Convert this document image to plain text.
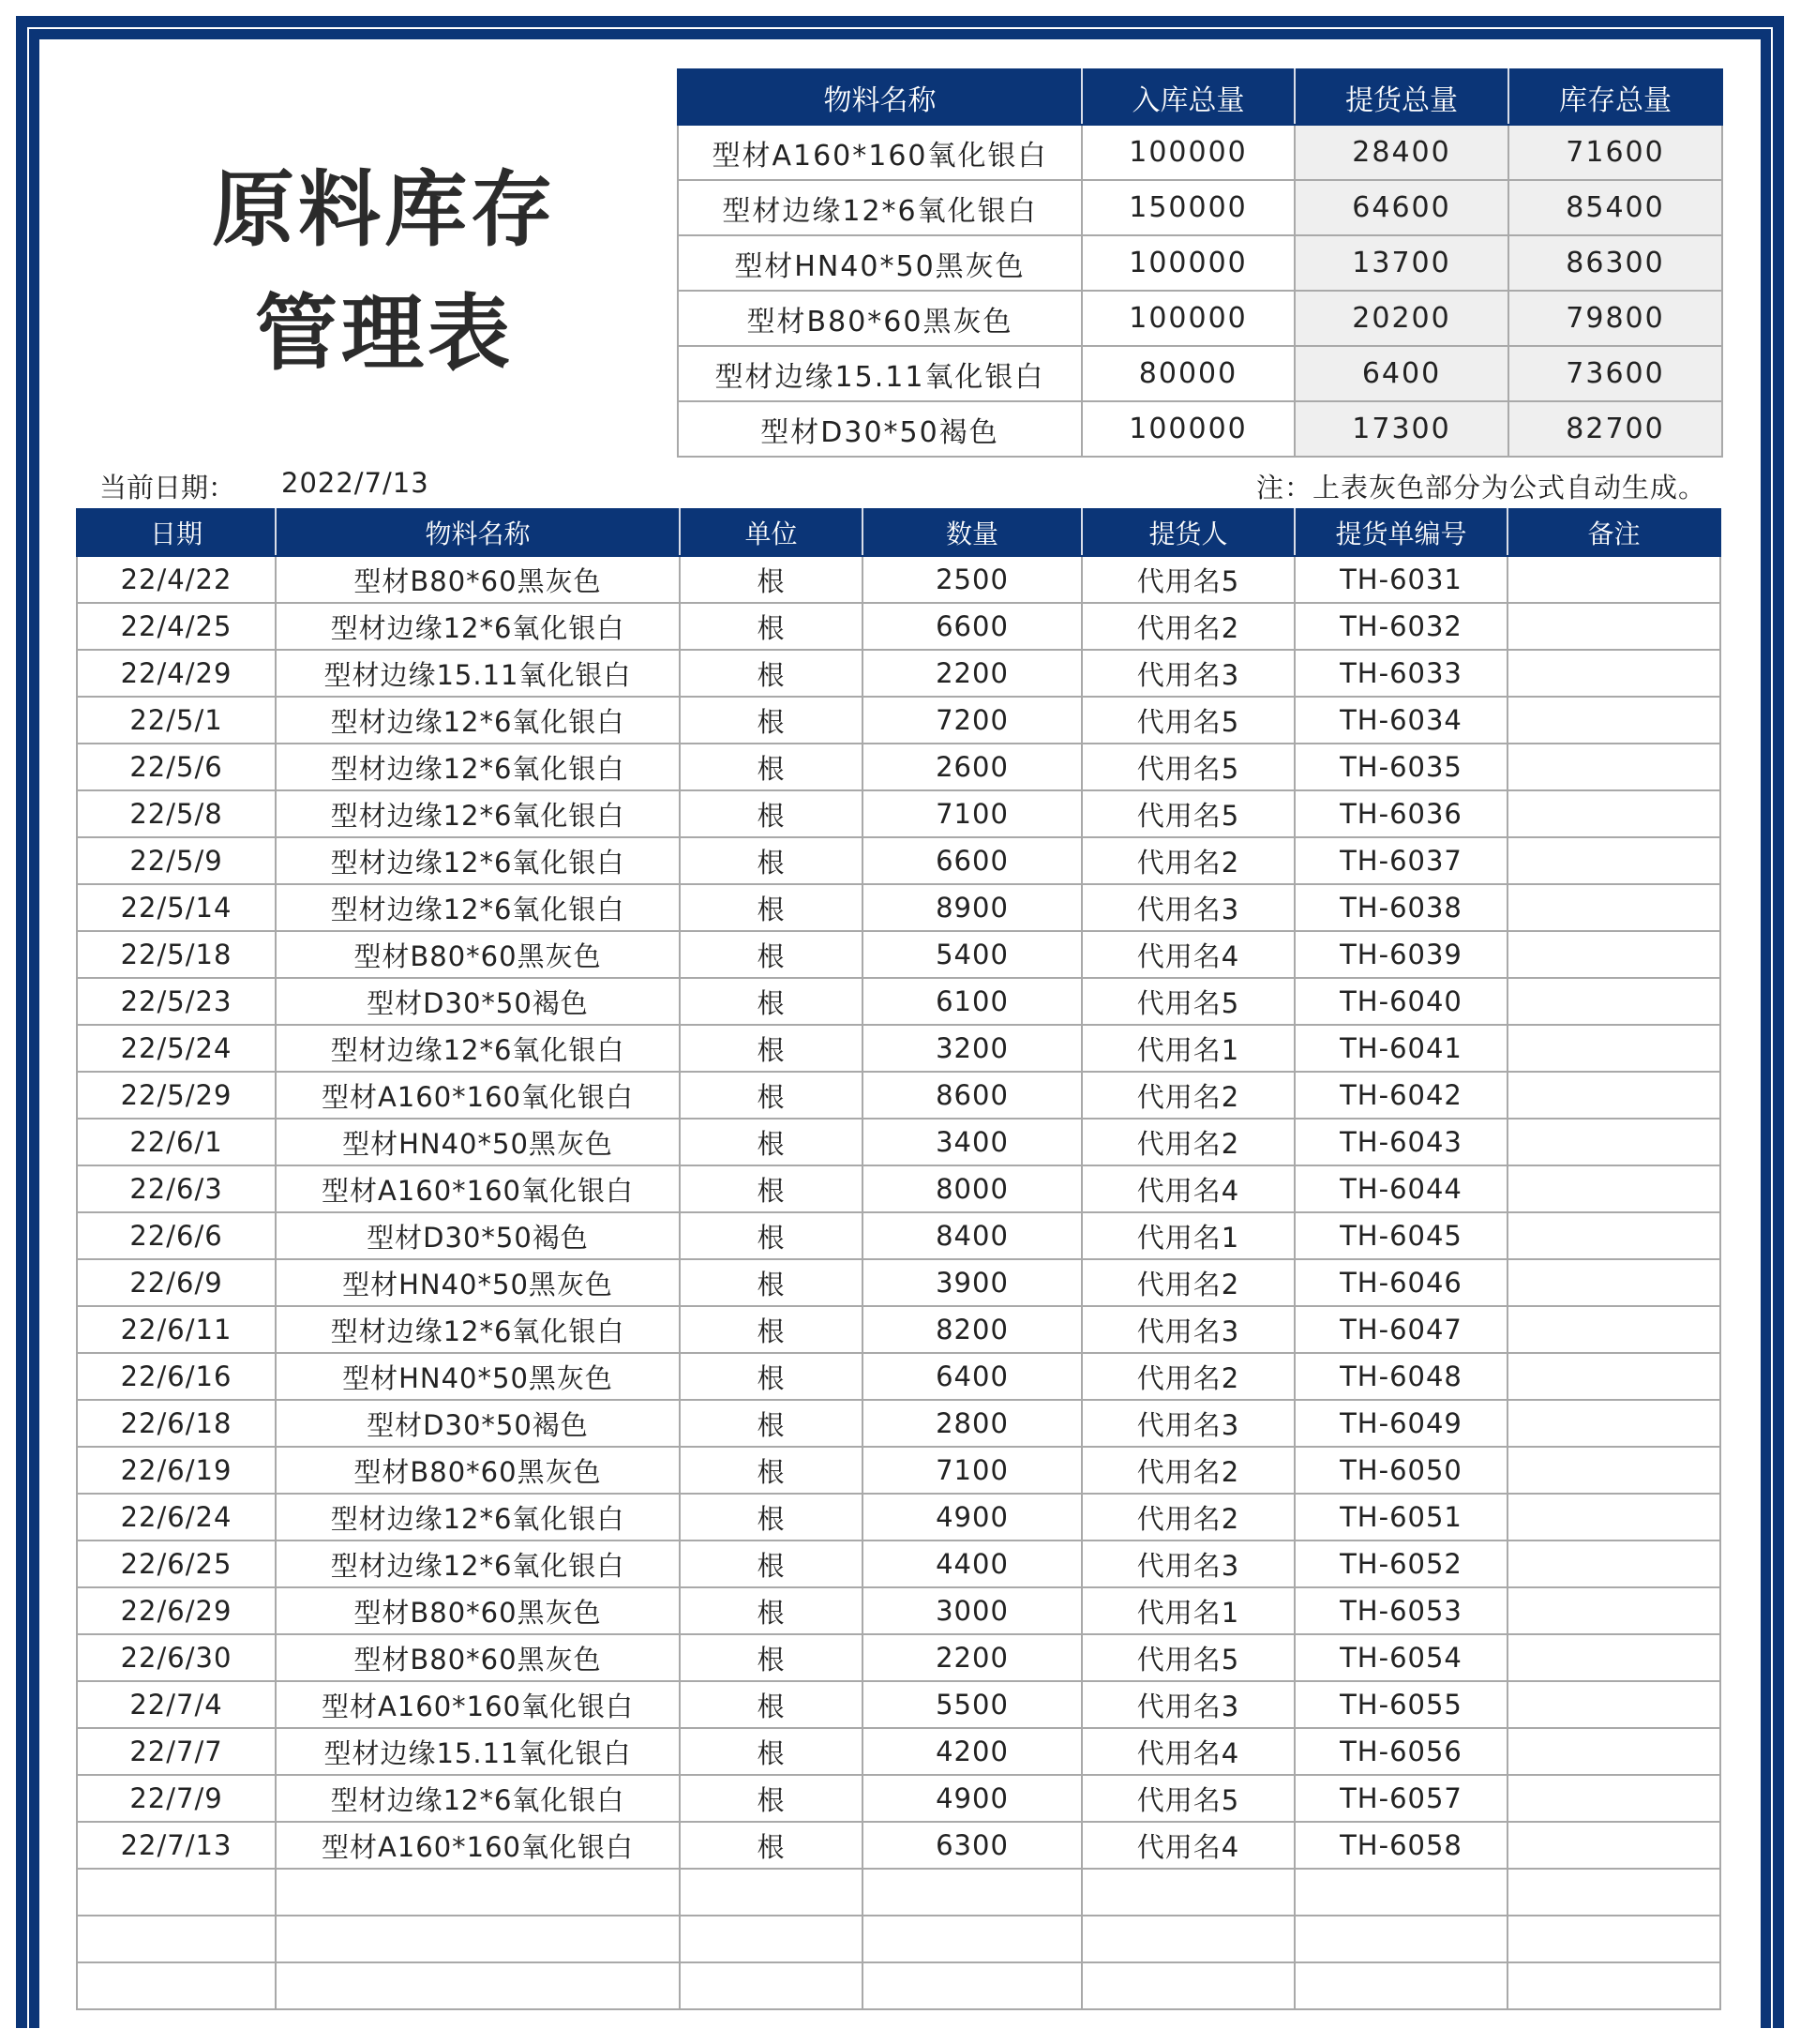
原料库存
管理表
物料名称	入库总量	提货总量	库存总量
型材A160*160氧化银白	100000	28400	71600
型材边缘12*6氧化银白	150000	64600	85400
型材HN40*50黑灰色	100000	13700	86300
型材B80*60黑灰色	100000	20200	79800
型材边缘15.11氧化银白	80000	6400	73600
型材D30*50褐色	100000	17300	82700
当前日期： 2022/7/13	注：上表灰色部分为公式自动生成。
日期	物料名称	单位	数量	提货人	提货单编号	备注
22/4/22	型材B80*60黑灰色	根	2500	代用名5	TH-6031	
22/4/25	型材边缘12*6氧化银白	根	6600	代用名2	TH-6032	
22/4/29	型材边缘15.11氧化银白	根	2200	代用名3	TH-6033	
22/5/1	型材边缘12*6氧化银白	根	7200	代用名5	TH-6034	
22/5/6	型材边缘12*6氧化银白	根	2600	代用名5	TH-6035	
22/5/8	型材边缘12*6氧化银白	根	7100	代用名5	TH-6036	
22/5/9	型材边缘12*6氧化银白	根	6600	代用名2	TH-6037	
22/5/14	型材边缘12*6氧化银白	根	8900	代用名3	TH-6038	
22/5/18	型材B80*60黑灰色	根	5400	代用名4	TH-6039	
22/5/23	型材D30*50褐色	根	6100	代用名5	TH-6040	
22/5/24	型材边缘12*6氧化银白	根	3200	代用名1	TH-6041	
22/5/29	型材A160*160氧化银白	根	8600	代用名2	TH-6042	
22/6/1	型材HN40*50黑灰色	根	3400	代用名2	TH-6043	
22/6/3	型材A160*160氧化银白	根	8000	代用名4	TH-6044	
22/6/6	型材D30*50褐色	根	8400	代用名1	TH-6045	
22/6/9	型材HN40*50黑灰色	根	3900	代用名2	TH-6046	
22/6/11	型材边缘12*6氧化银白	根	8200	代用名3	TH-6047	
22/6/16	型材HN40*50黑灰色	根	6400	代用名2	TH-6048	
22/6/18	型材D30*50褐色	根	2800	代用名3	TH-6049	
22/6/19	型材B80*60黑灰色	根	7100	代用名2	TH-6050	
22/6/24	型材边缘12*6氧化银白	根	4900	代用名2	TH-6051	
22/6/25	型材边缘12*6氧化银白	根	4400	代用名3	TH-6052	
22/6/29	型材B80*60黑灰色	根	3000	代用名1	TH-6053	
22/6/30	型材B80*60黑灰色	根	2200	代用名5	TH-6054	
22/7/4	型材A160*160氧化银白	根	5500	代用名3	TH-6055	
22/7/7	型材边缘15.11氧化银白	根	4200	代用名4	TH-6056	
22/7/9	型材边缘12*6氧化银白	根	4900	代用名5	TH-6057	
22/7/13	型材A160*160氧化银白	根	6300	代用名4	TH-6058	
